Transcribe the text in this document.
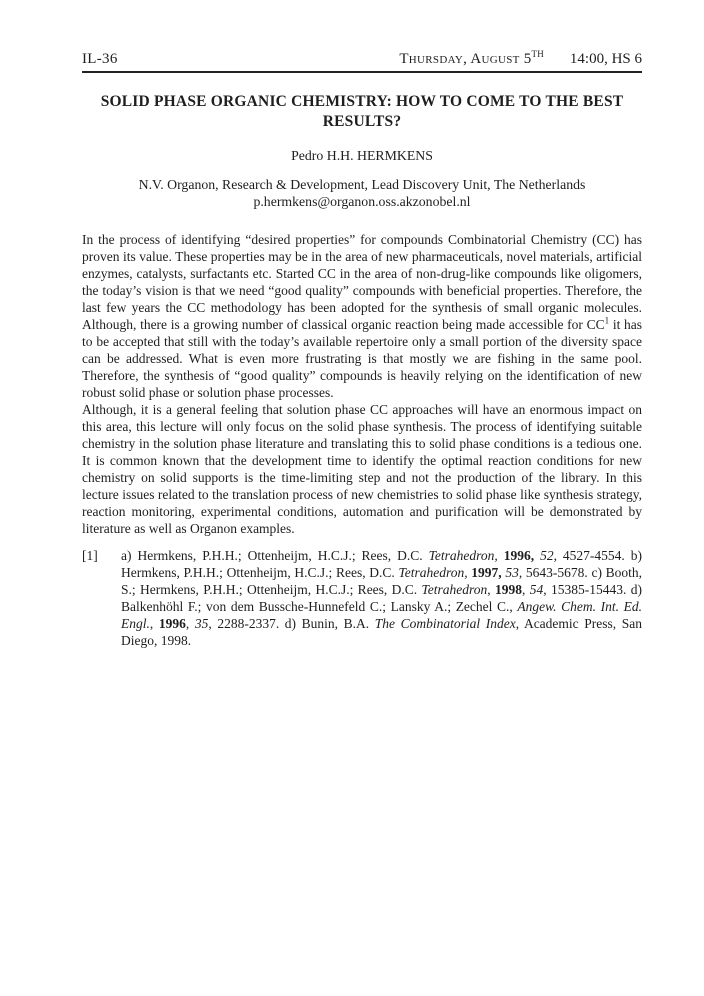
IL-36	Thursday, August 5TH 14:00, HS 6
SOLID PHASE ORGANIC CHEMISTRY: HOW TO COME TO THE BEST RESULTS?
Pedro H.H. HERMKENS
N.V. Organon, Research & Development, Lead Discovery Unit, The Netherlands
p.hermkens@organon.oss.akzonobel.nl

In the process of identifying “desired properties” for compounds Combinatorial Chemistry (CC) has proven its value. These properties may be in the area of new pharmaceuticals, novel materials, artificial enzymes, catalysts, surfactants etc. Started CC in the area of non-drug-like compounds like oligomers, the today’s vision is that we need “good quality” compounds with beneficial properties. Therefore, the last few years the CC methodology has been adopted for the synthesis of small organic molecules. Although, there is a growing number of classical organic reaction being made accessible for $CC^1$ it has to be accepted that still with the today’s available repertoire only a small portion of the diversity space can be addressed. What is even more frustrating is that mostly we are fishing in the same pool. Therefore, the synthesis of “good quality” compounds is heavily relying on the identification of new robust solid phase or solution phase processes.

Although, it is a general feeling that solution phase CC approaches will have an enormous impact on this area, this lecture will only focus on the solid phase synthesis. The process of identifying suitable chemistry in the solution phase literature and translating this to solid phase conditions is a tedious one. It is common known that the development time to identify the optimal reaction conditions for new chemistry on solid supports is the time-limiting step and not the production of the library. In this lecture issues related to the translation process of new chemistries to solid phase like synthesis strategy, reaction monitoring, experimental conditions, automation and purification will be demonstrated by literature as well as Organon examples.

[1]	a) Hermkens, P.H.H.; Ottenheijm, H.C.J.; Rees, D.C. Tetrahedron, 1996, 52, 4527-4554. b) Hermkens, P.H.H.; Ottenheijm, H.C.J.; Rees, D.C. Tetrahedron, 1997, 53, 5643-5678. c) Booth, S.; Hermkens, P.H.H.; Ottenheijm, H.C.J.; Rees, D.C. Tetrahedron, 1998, 54, 15385-15443. d) Balkenhöhl F.; von dem Bussche-Hunnefeld C.; Lansky A.; Zechel C., Angew. Chem. Int. Ed. Engl., 1996, 35, 2288-2337. d) Bunin, B.A. The Combinatorial Index, Academic Press, San Diego, 1998.
